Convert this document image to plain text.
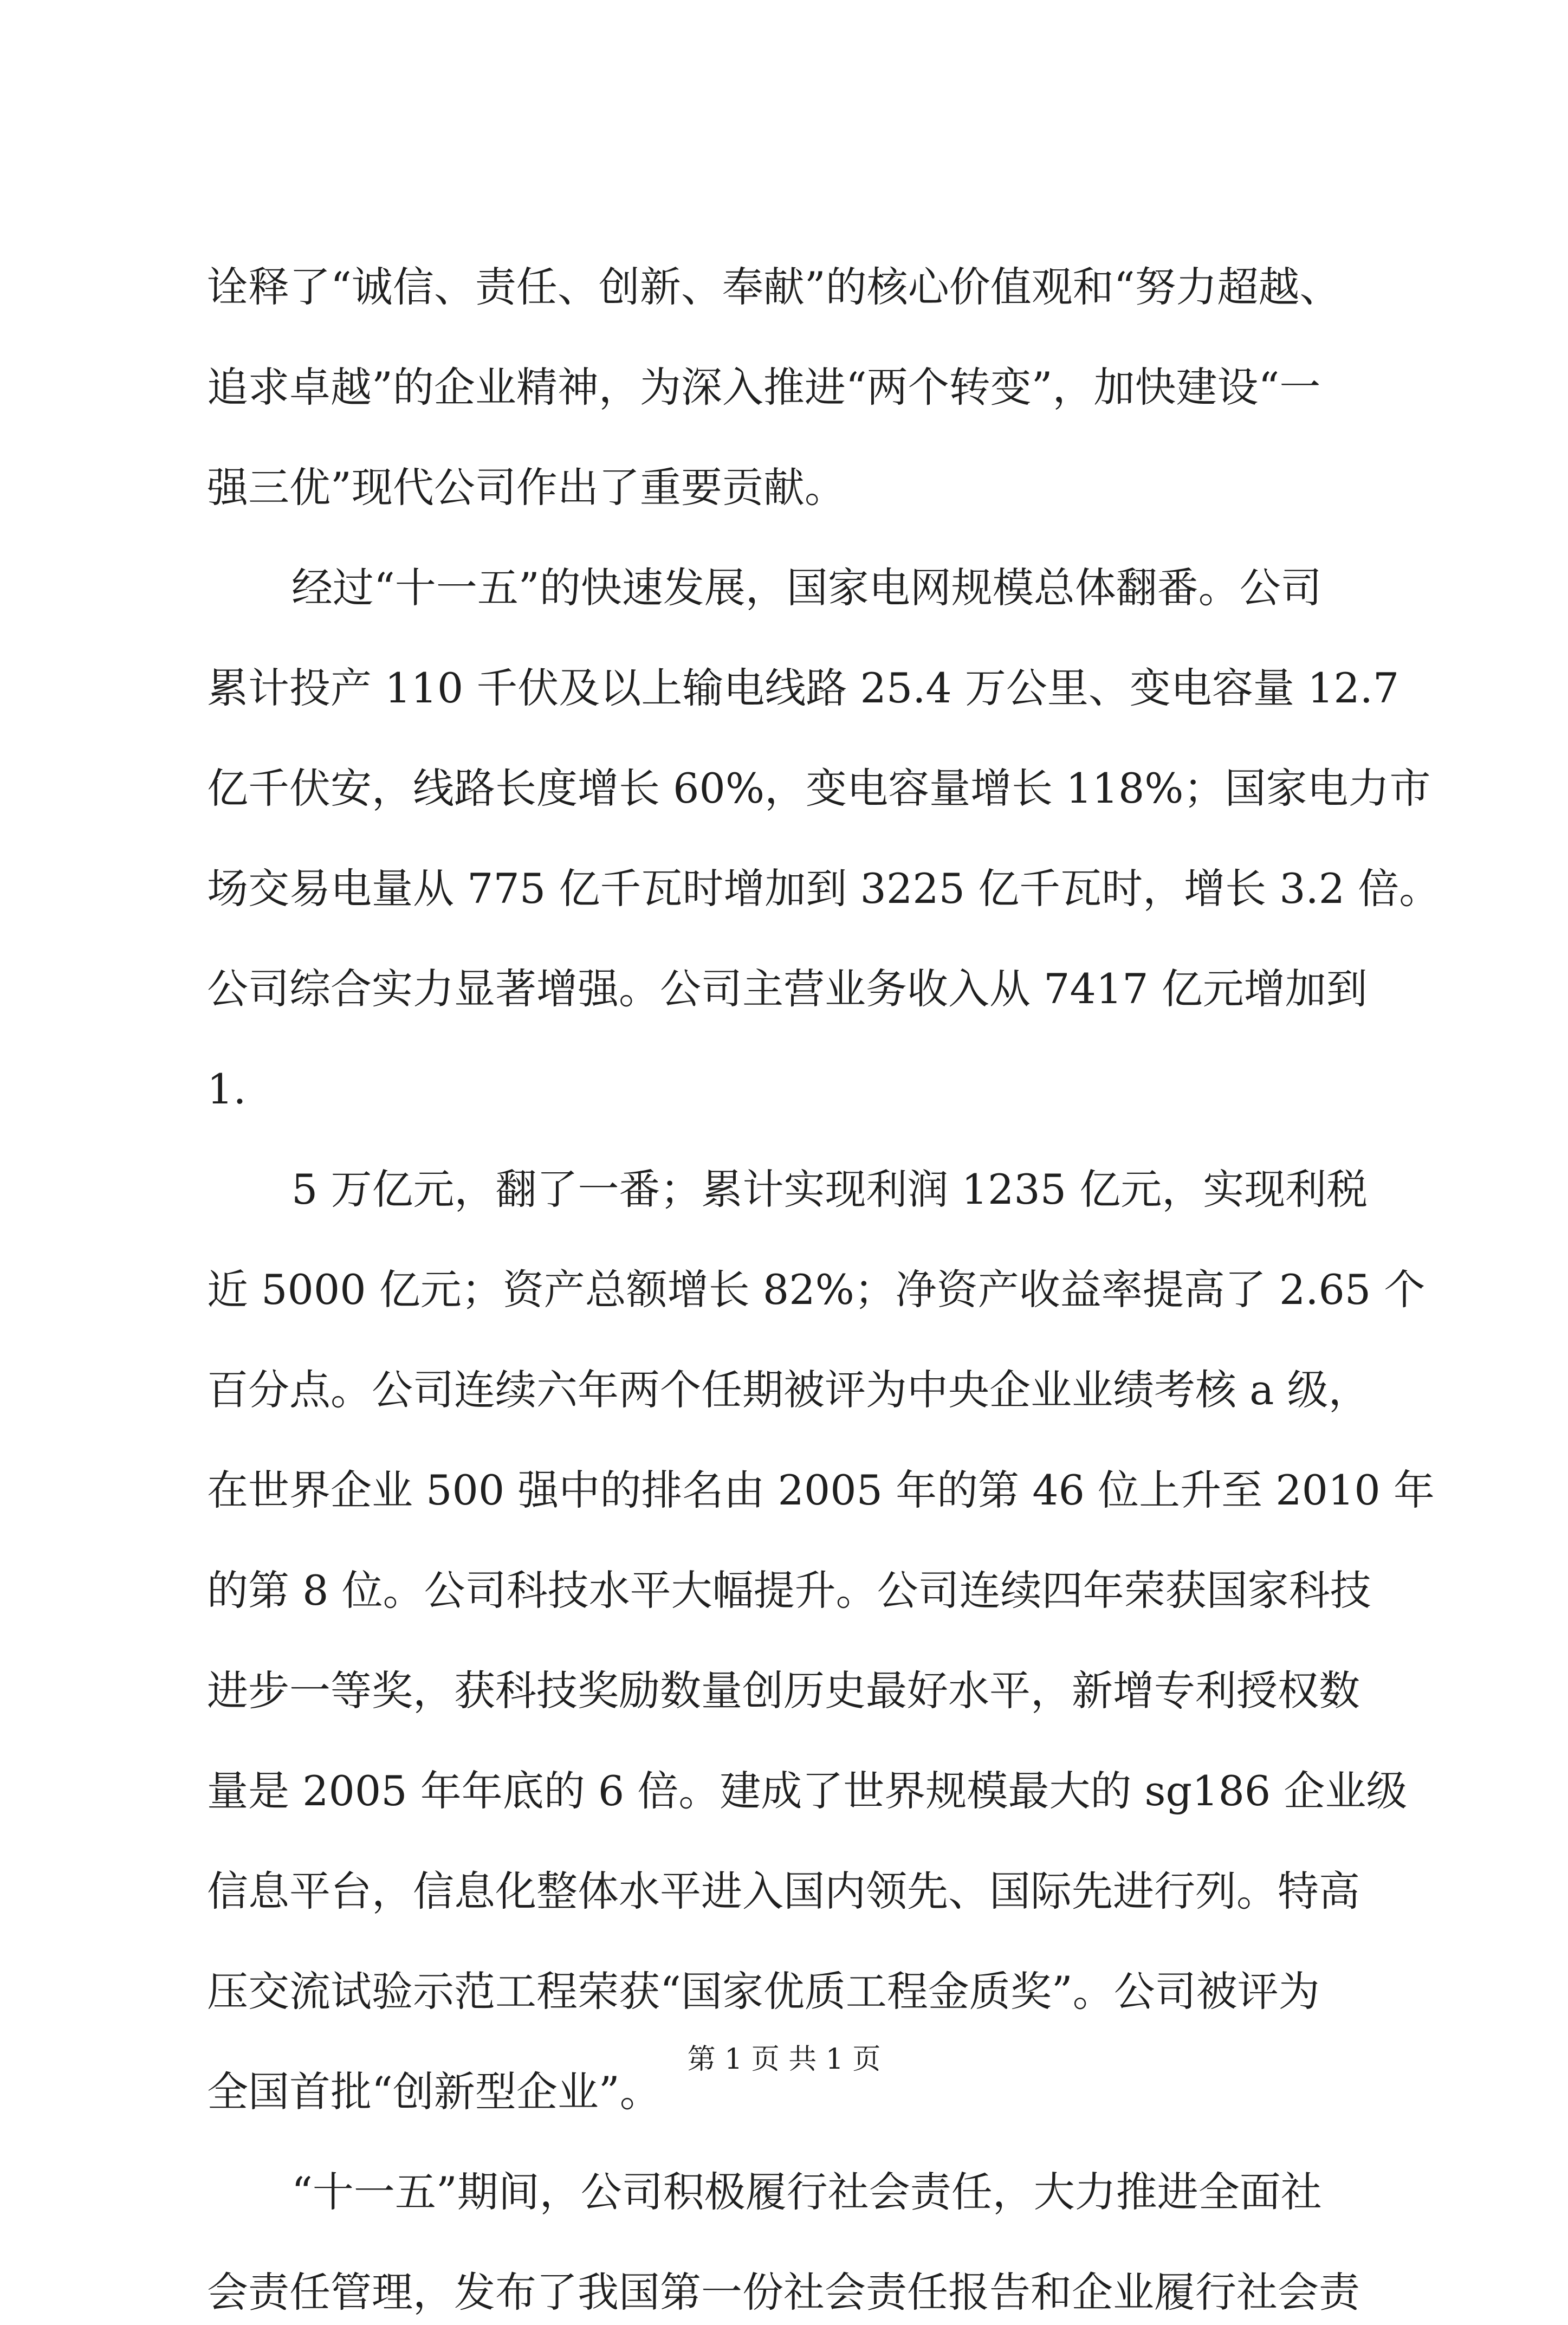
诠释了“诚信、责任、创新、奉献”的核心价值观和“努力超越、
追求卓越”的企业精神，为深入推进“两个转变”，加快建设“一
强三优”现代公司作出了重要贡献。
经过“十一五”的快速发展，国家电网规模总体翻番。公司
累计投产 110 千伏及以上输电线路 25.4 万公里、变电容量 12.7
亿千伏安，线路长度增长 60%，变电容量增长 118%；国家电力市
场交易电量从 775 亿千瓦时增加到 3225 亿千瓦时，增长 3.2 倍。
公司综合实力显著增强。公司主营业务收入从 7417 亿元增加到
1.
5 万亿元，翻了一番；累计实现利润 1235 亿元，实现利税
近 5000 亿元；资产总额增长 82%；净资产收益率提高了 2.65 个
百分点。公司连续六年两个任期被评为中央企业业绩考核 a 级，
在世界企业 500 强中的排名由 2005 年的第 46 位上升至 2010 年
的第 8 位。公司科技水平大幅提升。公司连续四年荣获国家科技
进步一等奖，获科技奖励数量创历史最好水平，新增专利授权数
量是 2005 年年底的 6 倍。建成了世界规模最大的 sg186 企业级
信息平台，信息化整体水平进入国内领先、国际先进行列。特高
压交流试验示范工程荣获“国家优质工程金质奖”。公司被评为
全国首批“创新型企业”。
“十一五”期间，公司积极履行社会责任，大力推进全面社
会责任管理，发布了我国第一份社会责任报告和企业履行社会责
第 1 页 共 1 页
